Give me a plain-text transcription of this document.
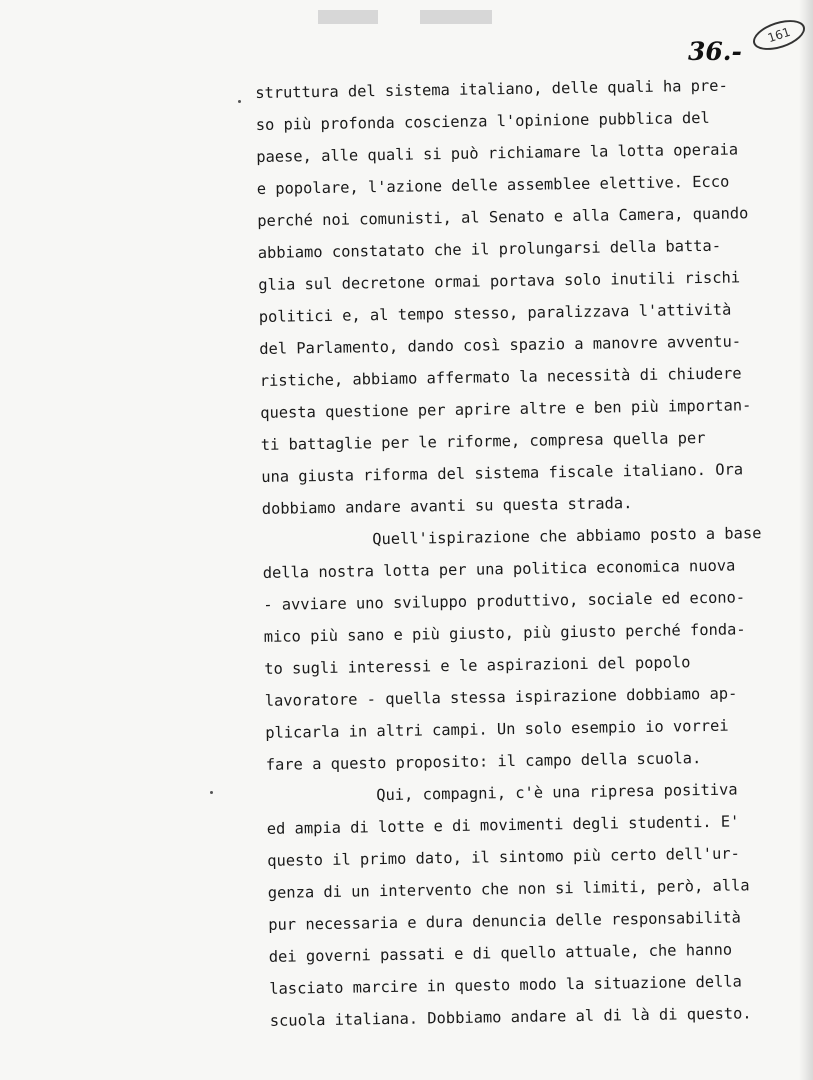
36.-
161
struttura del sistema italiano, delle quali ha pre-
so più profonda coscienza l'opinione pubblica del
paese, alle quali si può richiamare la lotta operaia
e popolare, l'azione delle assemblee elettive. Ecco
perché noi comunisti, al Senato e alla Camera, quando
abbiamo constatato che il prolungarsi della batta-
glia sul decretone ormai portava solo inutili rischi
politici e, al tempo stesso, paralizzava l'attività
del Parlamento, dando così spazio a manovre avventu-
ristiche, abbiamo affermato la necessità di chiudere
questa questione per aprire altre e ben più importan-
ti battaglie per le riforme, compresa quella per
una giusta riforma del sistema fiscale italiano. Ora
dobbiamo andare avanti su questa strada.
Quell'ispirazione che abbiamo posto a base
della nostra lotta per una politica economica nuova
- avviare uno sviluppo produttivo, sociale ed econo-
mico più sano e più giusto, più giusto perché fonda-
to sugli interessi e le aspirazioni del popolo
lavoratore - quella stessa ispirazione dobbiamo ap-
plicarla in altri campi. Un solo esempio io vorrei
fare a questo proposito: il campo della scuola.
Qui, compagni, c'è una ripresa positiva
ed ampia di lotte e di movimenti degli studenti. E'
questo il primo dato, il sintomo più certo dell'ur-
genza di un intervento che non si limiti, però, alla
pur necessaria e dura denuncia delle responsabilità
dei governi passati e di quello attuale, che hanno
lasciato marcire in questo modo la situazione della
scuola italiana. Dobbiamo andare al di là di questo.
